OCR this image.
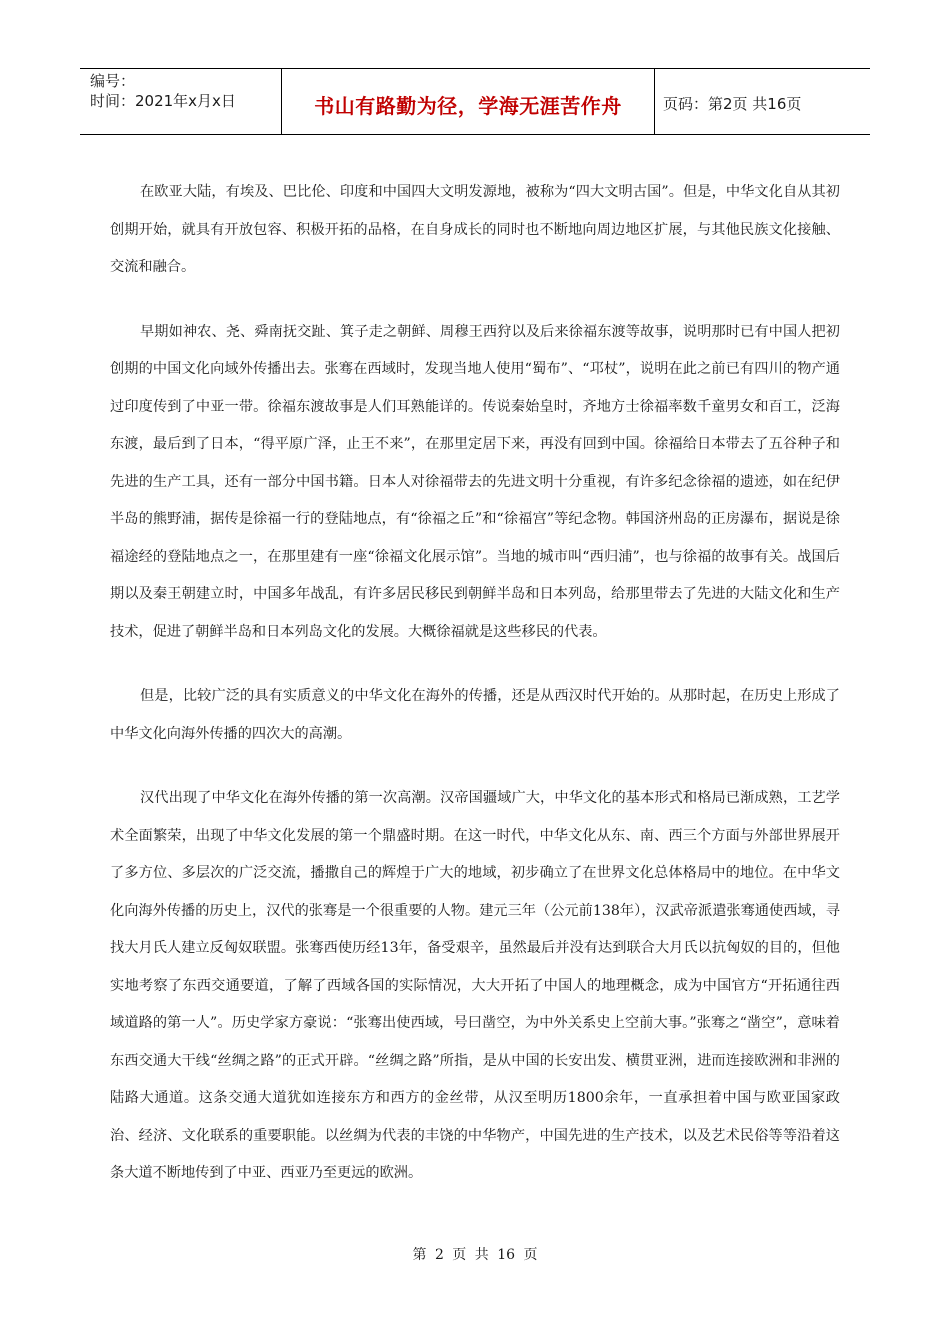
编号：
时间：2021年x月x日	书山有路勤为径，学海无涯苦作舟	页码：第2页 共16页

在欧亚大陆，有埃及、巴比伦、印度和中国四大文明发源地，被称为“四大文明古国”。但是，中华文化自从其初创期开始，就具有开放包容、积极开拓的品格，在自身成长的同时也不断地向周边地区扩展，与其他民族文化接触、交流和融合。

早期如神农、尧、舜南抚交趾、箕子走之朝鲜、周穆王西狩以及后来徐福东渡等故事，说明那时已有中国人把初创期的中国文化向域外传播出去。张骞在西域时，发现当地人使用“蜀布”、“邛杖”，说明在此之前已有四川的物产通过印度传到了中亚一带。徐福东渡故事是人们耳熟能详的。传说秦始皇时，齐地方士徐福率数千童男女和百工，泛海东渡，最后到了日本，“得平原广泽，止王不来”，在那里定居下来，再没有回到中国。徐福给日本带去了五谷种子和先进的生产工具，还有一部分中国书籍。日本人对徐福带去的先进文明十分重视，有许多纪念徐福的遗迹，如在纪伊半岛的熊野浦，据传是徐福一行的登陆地点，有“徐福之丘”和“徐福宫”等纪念物。韩国济州岛的正房瀑布，据说是徐福途经的登陆地点之一，在那里建有一座“徐福文化展示馆”。当地的城市叫“西归浦”，也与徐福的故事有关。战国后期以及秦王朝建立时，中国多年战乱，有许多居民移民到朝鲜半岛和日本列岛，给那里带去了先进的大陆文化和生产技术，促进了朝鲜半岛和日本列岛文化的发展。大概徐福就是这些移民的代表。

但是，比较广泛的具有实质意义的中华文化在海外的传播，还是从西汉时代开始的。从那时起，在历史上形成了中华文化向海外传播的四次大的高潮。

汉代出现了中华文化在海外传播的第一次高潮。汉帝国疆域广大，中华文化的基本形式和格局已渐成熟，工艺学术全面繁荣，出现了中华文化发展的第一个鼎盛时期。在这一时代，中华文化从东、南、西三个方面与外部世界展开了多方位、多层次的广泛交流，播撒自己的辉煌于广大的地域，初步确立了在世界文化总体格局中的地位。在中华文化向海外传播的历史上，汉代的张骞是一个很重要的人物。建元三年（公元前138年），汉武帝派遣张骞通使西域，寻找大月氏人建立反匈奴联盟。张骞西使历经13年，备受艰辛，虽然最后并没有达到联合大月氏以抗匈奴的目的，但他实地考察了东西交通要道，了解了西域各国的实际情况，大大开拓了中国人的地理概念，成为中国官方“开拓通往西域道路的第一人”。历史学家方豪说：“张骞出使西域，号曰凿空，为中外关系史上空前大事。”张骞之“凿空”，意味着东西交通大干线“丝绸之路”的正式开辟。“丝绸之路”所指，是从中国的长安出发、横贯亚洲，进而连接欧洲和非洲的陆路大通道。这条交通大道犹如连接东方和西方的金丝带，从汉至明历1800余年，一直承担着中国与欧亚国家政治、经济、文化联系的重要职能。以丝绸为代表的丰饶的中华物产，中国先进的生产技术，以及艺术民俗等等沿着这条大道不断地传到了中亚、西亚乃至更远的欧洲。

第 2 页 共 16 页
